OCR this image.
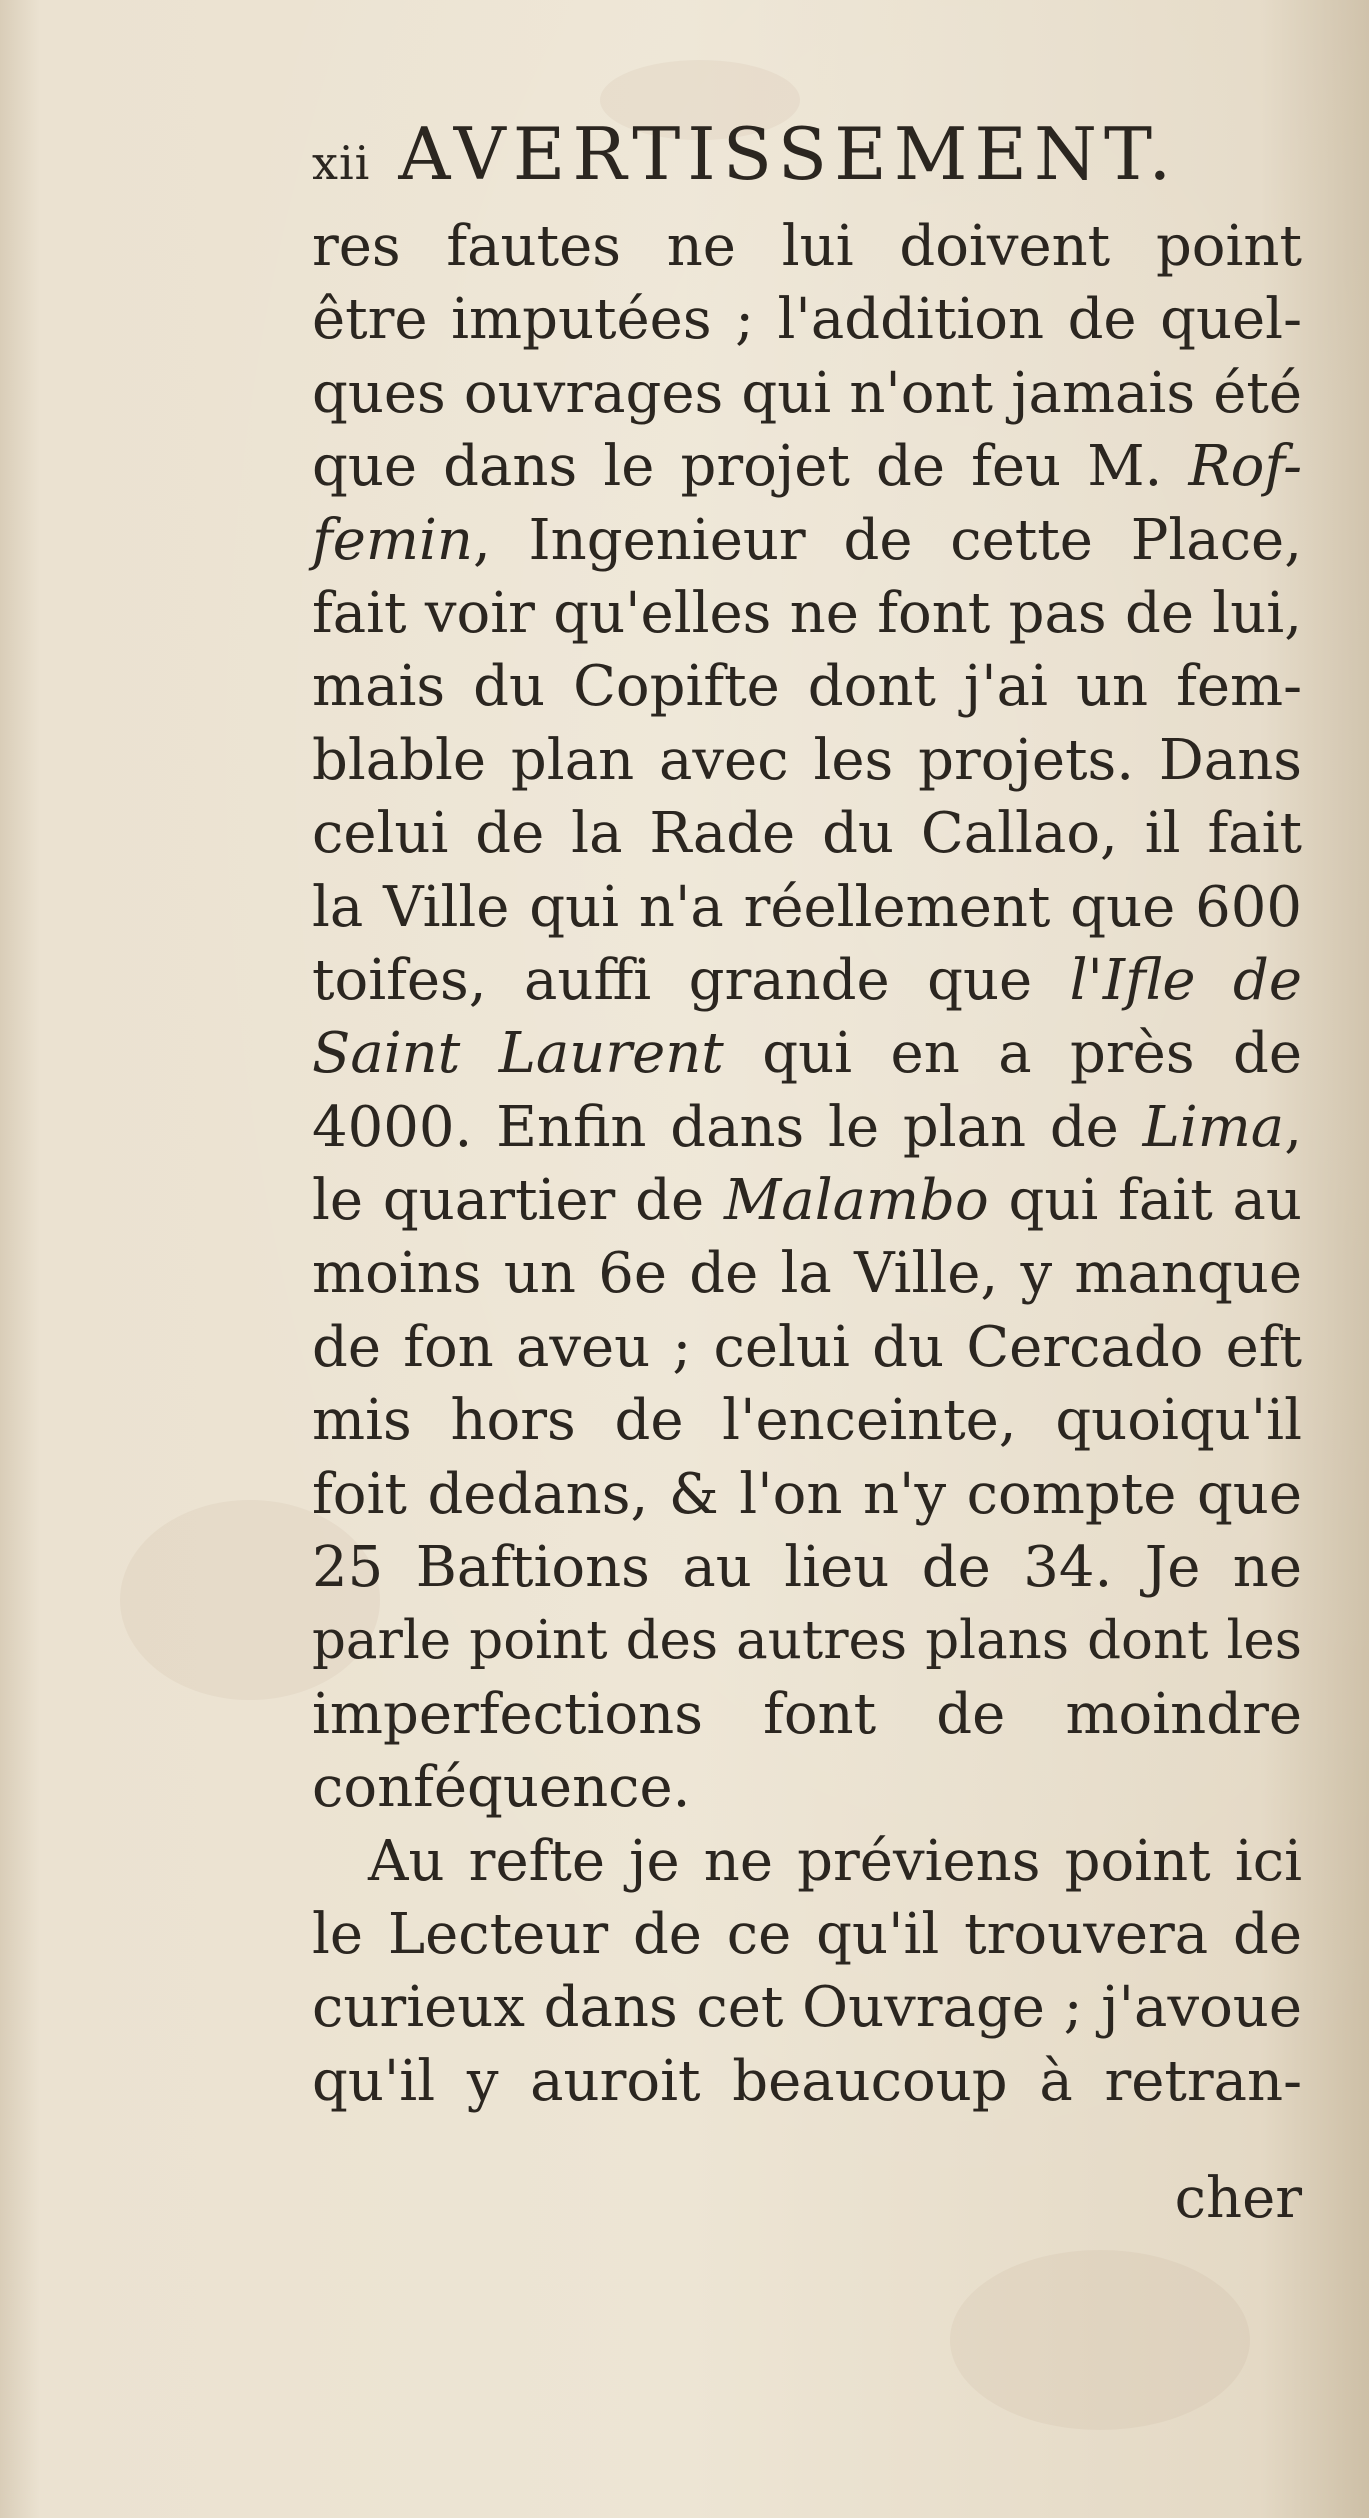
xii AVERTISSEMENT.
res fautes ne lui doivent point
être imputées ; l'addition de quel-
ques ouvrages qui n'ont jamais été
que dans le projet de feu M. Rof-
femin, Ingenieur de cette Place,
fait voir qu'elles ne font pas de lui,
mais du Copifte dont j'ai un fem-
blable plan avec les projets. Dans
celui de la Rade du Callao, il fait
la Ville qui n'a réellement que 600
toifes, auffi grande que l'Ifle de
Saint Laurent qui en a près de
4000. Enfin dans le plan de Lima,
le quartier de Malambo qui fait au
moins un 6e de la Ville, y manque
de fon aveu ; celui du Cercado eft
mis hors de l'enceinte, quoiqu'il
foit dedans, & l'on n'y compte que
25 Baftions au lieu de 34. Je ne
parle point des autres plans dont les
imperfections font de moindre
conféquence.
Au refte je ne préviens point ici
le Lecteur de ce qu'il trouvera de
curieux dans cet Ouvrage ; j'avoue
qu'il y auroit beaucoup à retran-
cher
